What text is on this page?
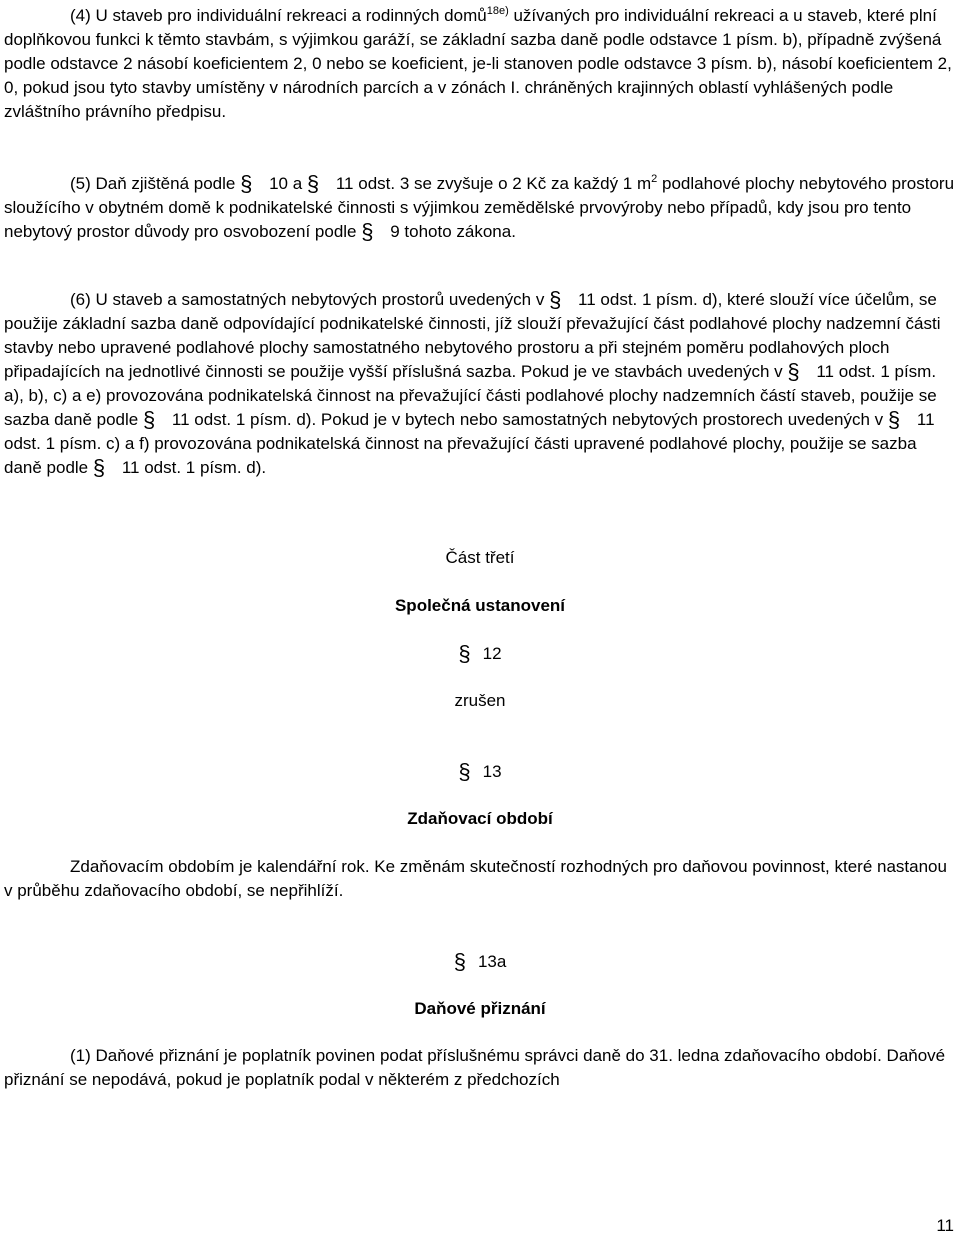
(4) U staveb pro individuální rekreaci a rodinných domů$^{18e)}$ užívaných pro individuální rekreaci a u staveb, které plní doplňkovou funkci k těmto stavbám, s výjimkou garáží, se základní sazba daně podle odstavce 1 písm. b), případně zvýšená podle odstavce 2 násobí koeficientem 2, 0 nebo se koeficient, je-li stanoven podle odstavce 3 písm. b), násobí koeficientem 2, 0, pokud jsou tyto stavby umístěny v národních parcích a v zónách I. chráněných krajinných oblastí vyhlášených podle zvláštního právního předpisu.

(5) Daň zjištěná podle § 10 a § 11 odst. 3 se zvyšuje o 2 Kč za každý 1 $m^2$ podlahové plochy nebytového prostoru sloužícího v obytném domě k podnikatelské činnosti s výjimkou zemědělské prvovýroby nebo případů, kdy jsou pro tento nebytový prostor důvody pro osvobození podle § 9 tohoto zákona.

(6) U staveb a samostatných nebytových prostorů uvedených v § 11 odst. 1 písm. d), které slouží více účelům, se použije základní sazba daně odpovídající podnikatelské činnosti, jíž slouží převažující část podlahové plochy nadzemní části stavby nebo upravené podlahové plochy samostatného nebytového prostoru a při stejném poměru podlahových ploch připadajících na jednotlivé činnosti se použije vyšší příslušná sazba. Pokud je ve stavbách uvedených v § 11 odst. 1 písm. a), b), c) a e) provozována podnikatelská činnost na převažující části podlahové plochy nadzemních částí staveb, použije se sazba daně podle § 11 odst. 1 písm. d). Pokud je v bytech nebo samostatných nebytových prostorech uvedených v § 11 odst. 1 písm. c) a f) provozována podnikatelská činnost na převažující části upravené podlahové plochy, použije se sazba daně podle § 11 odst. 1 písm. d).

Část třetí

Společná ustanovení

§ 12

zrušen

§ 13

Zdaňovací období

Zdaňovacím obdobím je kalendářní rok. Ke změnám skutečností rozhodných pro daňovou povinnost, které nastanou v průběhu zdaňovacího období, se nepřihlíží.

§ 13a

Daňové přiznání

(1) Daňové přiznání je poplatník povinen podat příslušnému správci daně do 31. ledna zdaňovacího období. Daňové přiznání se nepodává, pokud je poplatník podal v některém z předchozích

11
